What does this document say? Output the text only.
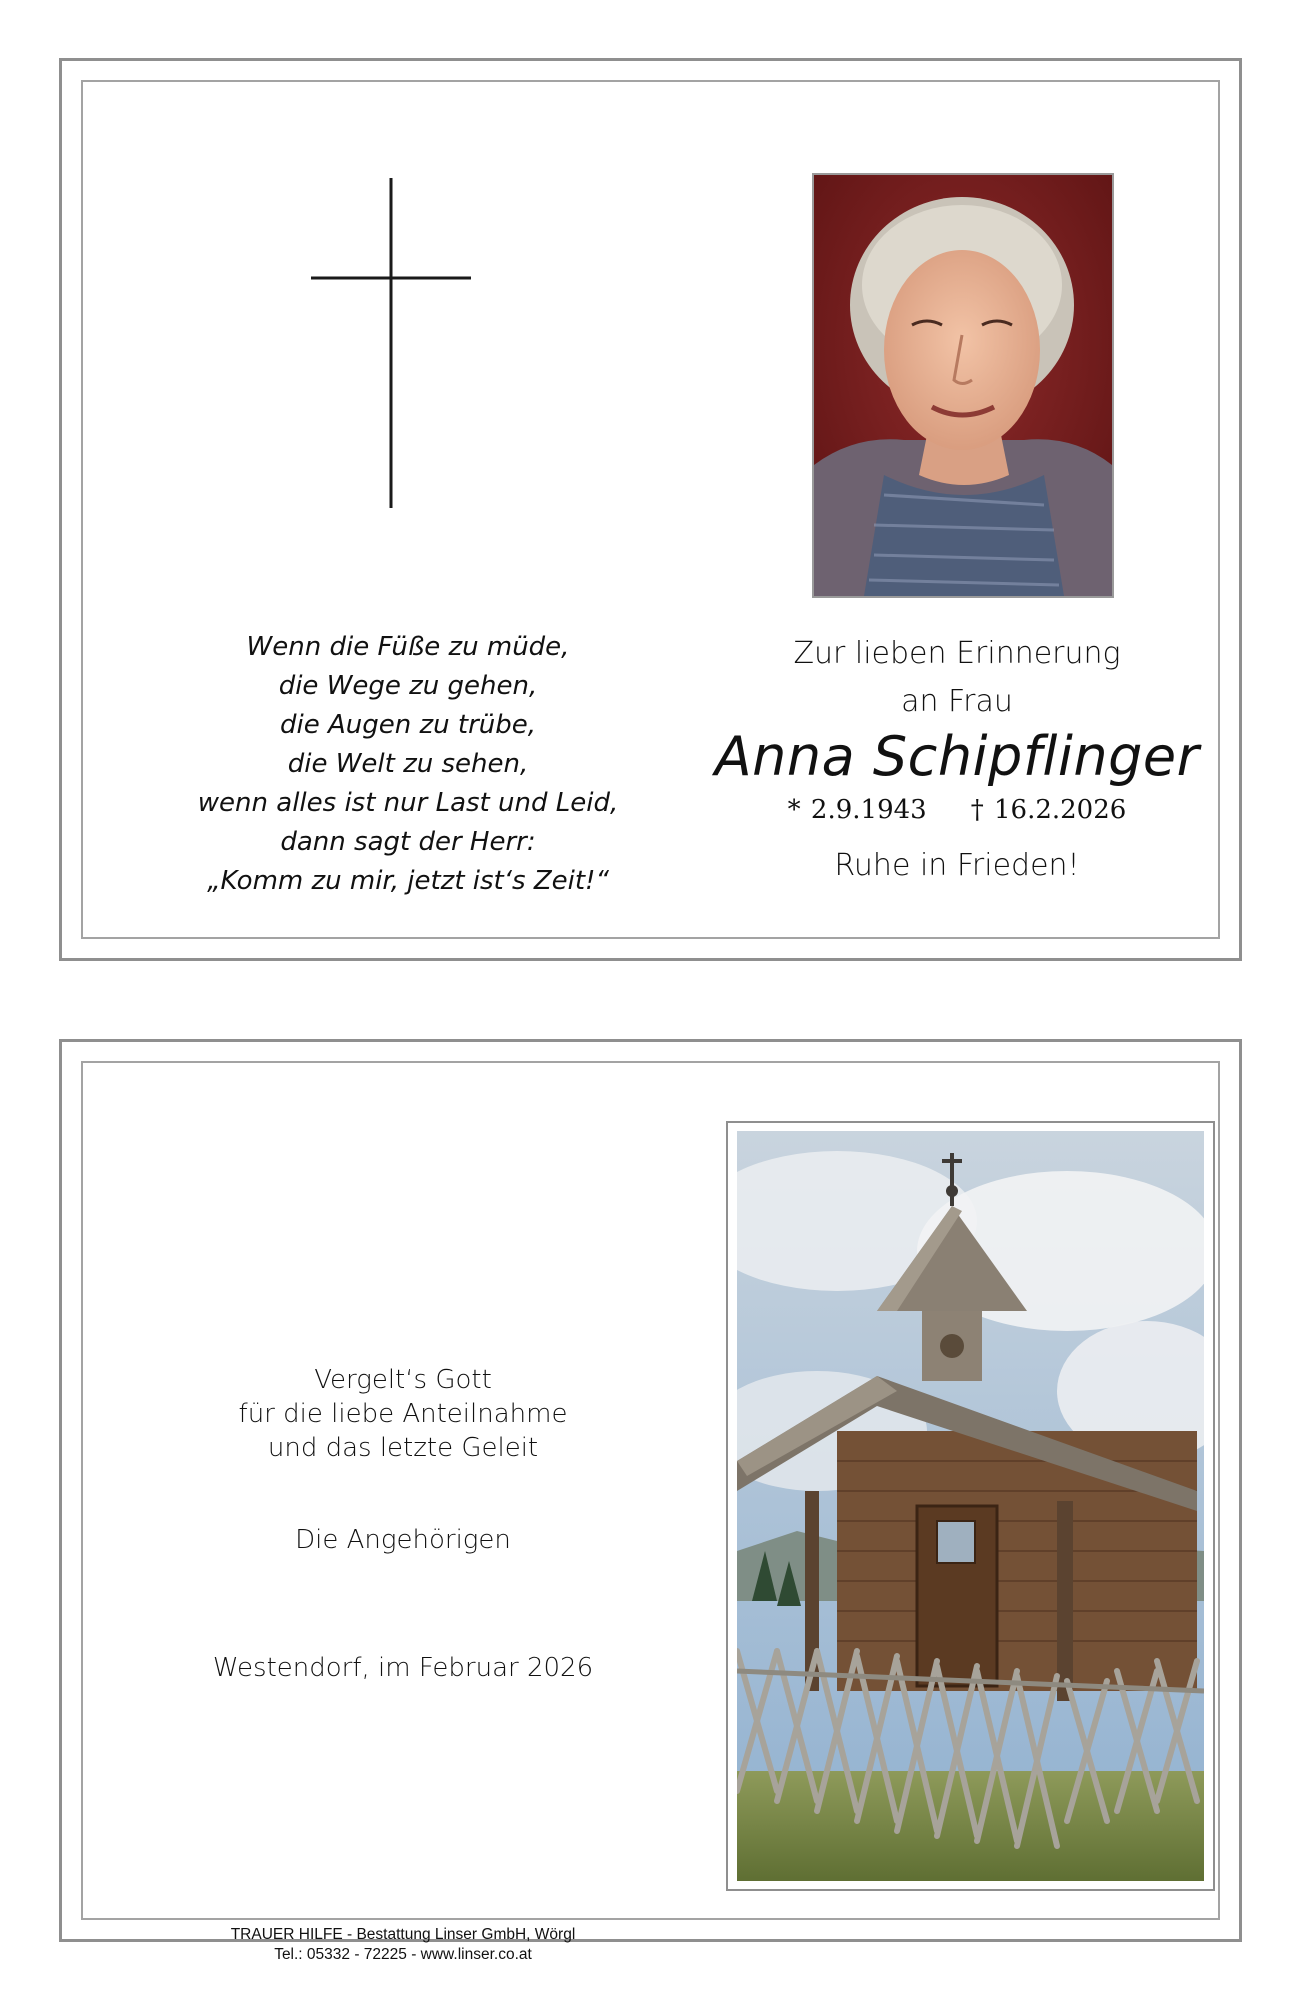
Wenn die Füße zu müde,
die Wege zu gehen,
die Augen zu trübe,
die Welt zu sehen,
wenn alles ist nur Last und Leid,
dann sagt der Herr:
„Komm zu mir, jetzt ist‘s Zeit!“
Zur lieben Erinnerung
an Frau
Anna Schipflinger
* 2.9.1943 † 16.2.2026
Ruhe in Frieden!
Vergelt‘s Gott
für die liebe Anteilnahme
und das letzte Geleit
Die Angehörigen
Westendorf, im Februar 2026
TRAUER HILFE - Bestattung Linser GmbH, Wörgl
Tel.: 05332 - 72225 - www.linser.co.at
